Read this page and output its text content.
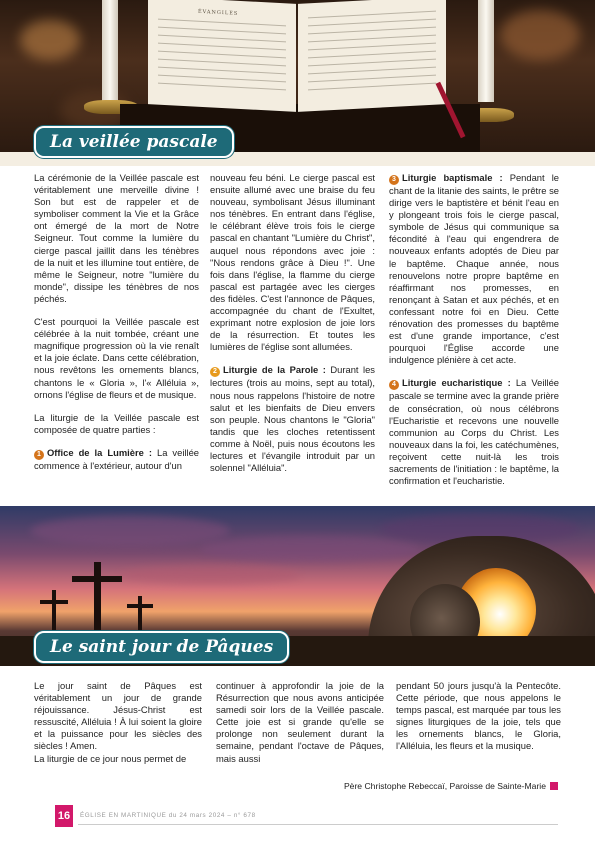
ÉVANGILES
La veillée pascale

La cérémonie de la Veillée pascale est véritablement une merveille divine ! Son but est de rappeler et de symboliser comment la Vie et la Grâce ont émergé de la mort de Notre Seigneur. Tout comme la lumière du cierge pascal jaillit dans les ténèbres de la nuit et les illumine tout entière, de même le Seigneur, notre "lumière du monde", dissipe les ténèbres de nos péchés.

C'est pourquoi la Veillée pascale est célébrée à la nuit tombée, créant une magnifique progression où la vie renaît et la joie éclate. Dans cette célébration, nous revêtons les ornements blancs, chantons le « Gloria », l'« Alléluia », ornons l'église de fleurs et de musique.

La liturgie de la Veillée pascale est composée de quatre parties :

1 Office de la Lumière : La veillée commence à l'extérieur, autour d'un

nouveau feu béni. Le cierge pascal est ensuite allumé avec une braise du feu nouveau, symbolisant Jésus illuminant nos ténèbres. En entrant dans l'église, le célébrant élève trois fois le cierge pascal en chantant "Lumière du Christ", auquel nous répondons avec joie : "Nous rendons grâce à Dieu !". Une fois dans l'église, la flamme du cierge pascal est partagée avec les cierges des fidèles. C'est l'annonce de Pâques, accompagnée du chant de l'Exultet, exprimant notre explosion de joie lors de la résurrection. Et toutes les lumières de l'église sont allumées.

2 Liturgie de la Parole : Durant les lectures (trois au moins, sept au total), nous nous rappelons l'histoire de notre salut et les bienfaits de Dieu envers son peuple. Nous chantons le "Gloria" tandis que les cloches retentissent comme à Noël, puis nous écoutons les lectures et l'évangile introduit par un solennel "Alléluia".

3 Liturgie baptismale : Pendant le chant de la litanie des saints, le prêtre se dirige vers le baptistère et bénit l'eau en y plongeant trois fois le cierge pascal, symbole de Jésus qui communique sa fécondité à l'eau qui engendrera de nouveaux enfants adoptés de Dieu par le baptême. Chaque année, nous renouvelons notre propre baptême en réaffirmant nos promesses, en renonçant à Satan et aux péchés, et en confessant notre foi en Dieu. Cette rénovation des promesses du baptême est d'une grande importance, c'est pourquoi l'Église accorde une indulgence plénière à cet acte.

4 Liturgie eucharistique : La Veillée pascale se termine avec la grande prière de consécration, où nous célébrons l'Eucharistie et recevons une nouvelle communion au Corps du Christ. Les nouveaux dans la foi, les catéchumènes, reçoivent cette nuit-là les trois sacrements de l'initiation : le baptême, la confirmation et l'eucharistie.

Le saint jour de Pâques
Le jour saint de Pâques est véritablement un jour de grande réjouissance. Jésus-Christ est ressuscité, Alléluia ! À lui soient la gloire et la puissance pour les siècles des siècles ! Amen.
La liturgie de ce jour nous permet de
continuer à approfondir la joie de la Résurrection que nous avons anticipée samedi soir lors de la Veillée pascale. Cette joie est si grande qu'elle se prolonge non seulement durant la semaine, pendant l'octave de Pâques, mais aussi
pendant 50 jours jusqu'à la Pentecôte. Cette période, que nous appelons le temps pascal, est marquée par tous les signes liturgiques de la joie, tels que les ornements blancs, le Gloria, l'Alléluia, les fleurs et la musique.
Père Christophe Rebeccaï, Paroisse de Sainte-Marie
16	ÉGLISE EN MARTINIQUE du 24 mars 2024 – n° 678
